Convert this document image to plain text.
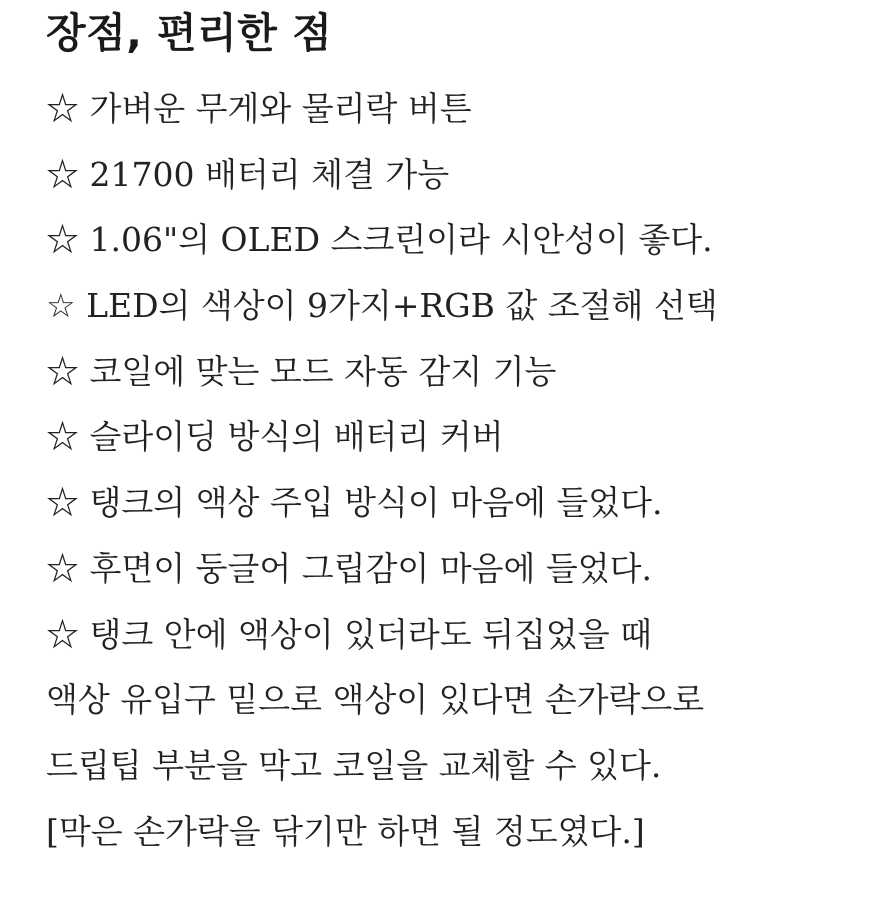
장점, 편리한 점
☆ 가벼운 무게와 물리락 버튼
☆ 21700 배터리 체결 가능
☆ 1.06"의 OLED 스크린이라 시안성이 좋다.
☆ LED의 색상이 9가지+RGB 값 조절해 선택
☆ 코일에 맞는 모드 자동 감지 기능
☆ 슬라이딩 방식의 배터리 커버
☆ 탱크의 액상 주입 방식이 마음에 들었다.
☆ 후면이 둥글어 그립감이 마음에 들었다.
☆ 탱크 안에 액상이 있더라도 뒤집었을 때
액상 유입구 밑으로 액상이 있다면 손가락으로
드립팁 부분을 막고 코일을 교체할 수 있다.
[막은 손가락을 닦기만 하면 될 정도였다.]
